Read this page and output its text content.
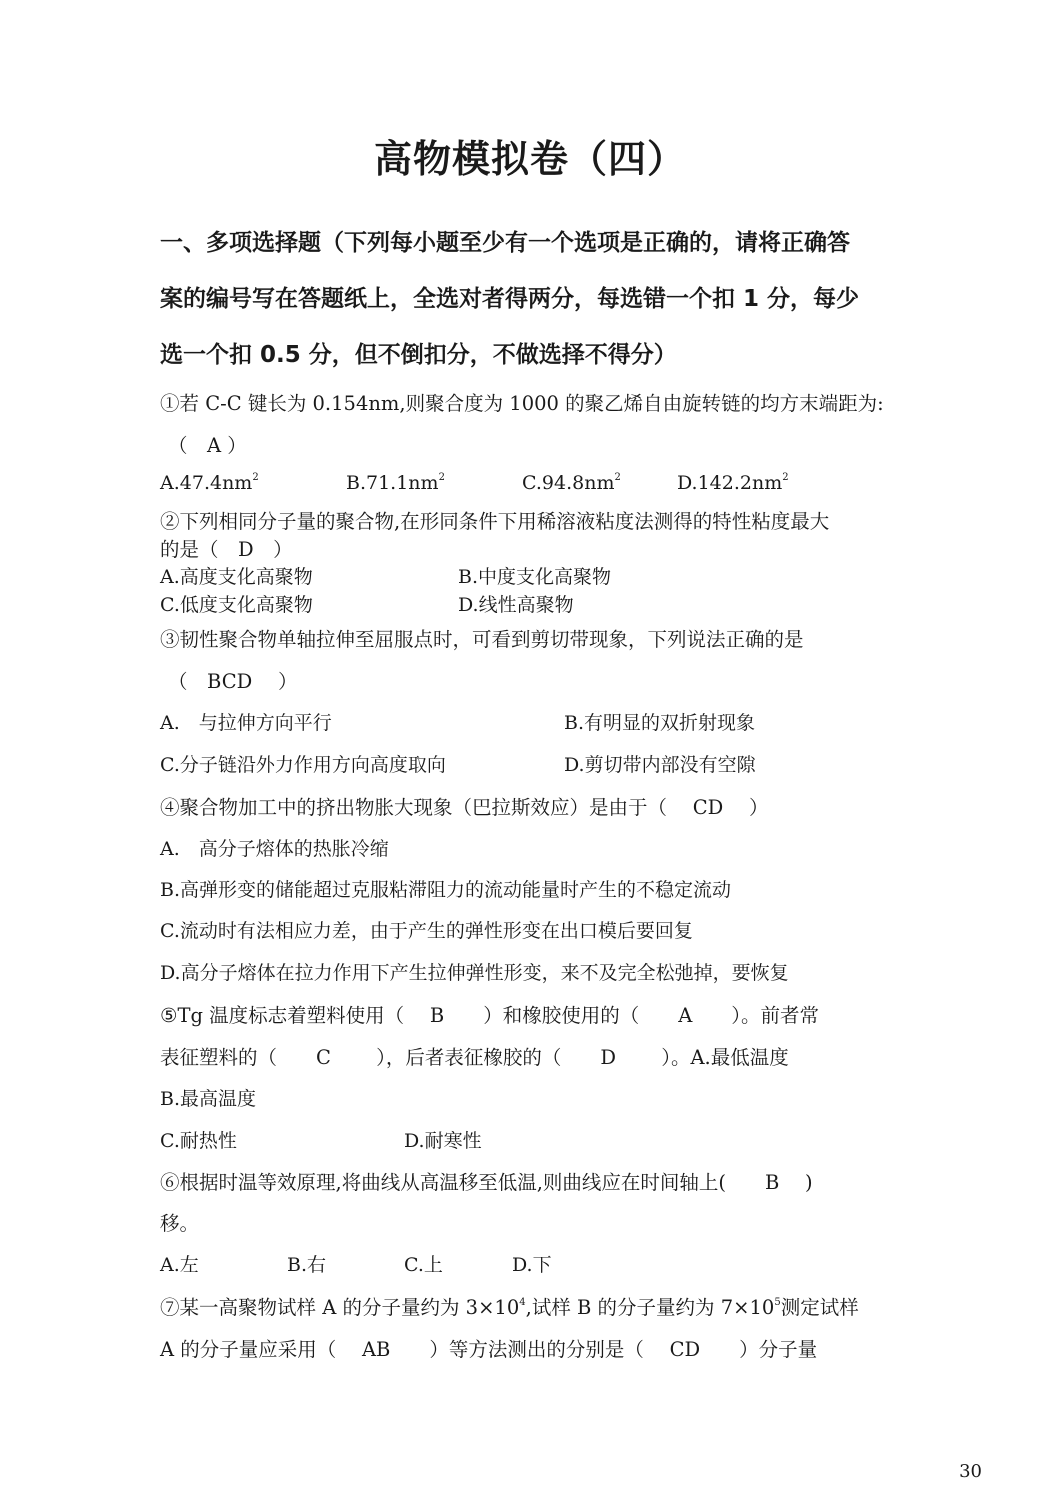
高物模拟卷（四）
一、多项选择题（下列每小题至少有一个选项是正确的，请将正确答
案的编号写在答题纸上，全选对者得两分，每选错一个扣 1 分，每少
选一个扣 0.5 分，但不倒扣分，不做选择不得分）
①若 C-C 键长为 0.154nm,则聚合度为 1000 的聚乙烯自由旋转链的均方末端距为:
（　A ）
$A.47.4nm^2$	$B.71.1nm^2$	$C.94.8nm^2$	$D.142.2nm^2$
②下列相同分子量的聚合物,在形同条件下用稀溶液粘度法测得的特性粘度最大
的是（　D　）
A.高度支化高聚物	B.中度支化高聚物
C.低度支化高聚物	D.线性高聚物
③韧性聚合物单轴拉伸至屈服点时，可看到剪切带现象，下列说法正确的是
（　BCD　 ）
A.　与拉伸方向平行	B.有明显的双折射现象
C.分子链沿外力作用方向高度取向	D.剪切带内部没有空隙
④聚合物加工中的挤出物胀大现象（巴拉斯效应）是由于（　 CD　 ）
A.　高分子熔体的热胀冷缩
B.高弹形变的储能超过克服粘滞阻力的流动能量时产生的不稳定流动
C.流动时有法相应力差，由于产生的弹性形变在出口模后要回复
D.高分子熔体在拉力作用下产生拉伸弹性形变，来不及完全松弛掉，要恢复
⑤Tg 温度标志着塑料使用（　 B　　）和橡胶使用的（　　A　　）。前者常
表征塑料的（　　C　　 ），后者表征橡胶的（　　D　　 ）。A.最低温度
B.最高温度
C.耐热性	D.耐寒性
⑥根据时温等效原理,将曲线从高温移至低温,则曲线应在时间轴上(　　B　 )
移。
A.左	B.右	C.上	D.下
⑦某一高聚物试样 A 的分子量约为 $3\times 10^4$,试样 B 的分子量约为 $7\times 10^5$测定试样
A 的分子量应采用（　 AB　　）等方法测出的分别是（　 CD　　）分子量
30
